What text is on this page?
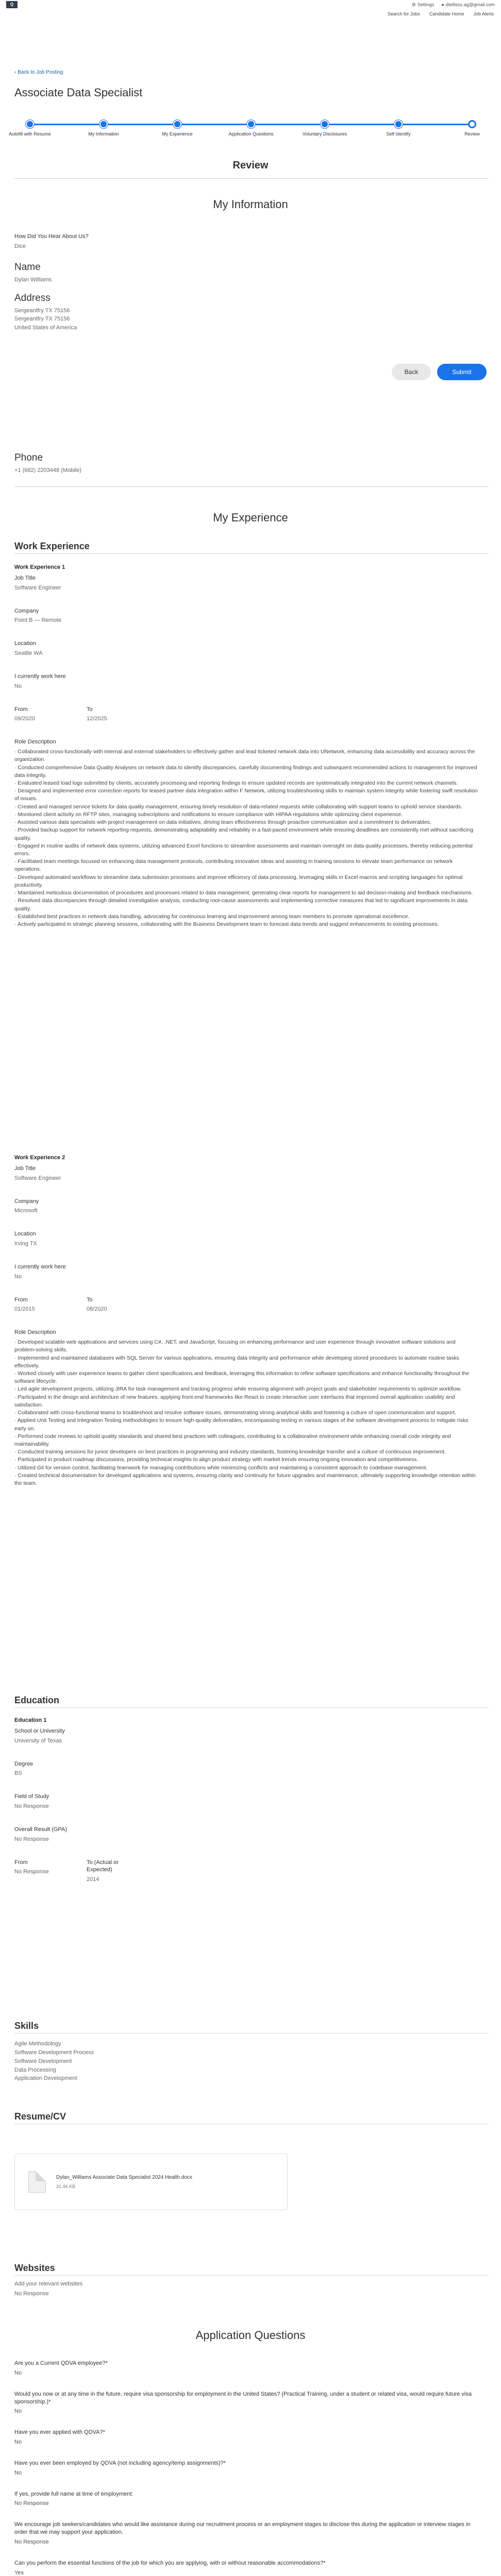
Q	⚙ Settings ● dtellisox.ag@gmail.com
Search for Jobs Candidate Home Job Alerts
‹ Back to Job Posting
Associate Data Specialist
Autofill with Resume	My Information	My Experience	Application Questions	Voluntary Disclosures	Self Identify	Review
Review
My Information
How Did You Hear About Us?
Dice
Name
Dylan Williams
Address
Sergeantfry TX 75156
Sergeantfry TX 75156
United States of America
Back	Submit
Phone
+1 (682) 2203448 (Mobile)
My Experience
Work Experience
Work Experience 1
Job Title
Software Engineer
Company
Point B — Remote
Location
Seattle WA
I currently work here
No
From
09/2020
To
12/2025
Role Description

· Collaborated cross-functionally with internal and external stakeholders to effectively gather and lead ticketed network data into UNetwork, enhancing data accessibility and accuracy across the organization.

· Conducted comprehensive Data Quality Analyses on network data to identify discrepancies, carefully documenting findings and subsequent recommended actions to management for improved data integrity.

· Evaluated leased load logs submitted by clients, accurately processing and reporting findings to ensure updated records are systematically integrated into the current network channels.

· Designed and implemented error correction reports for leased partner data integration within F Network, utilizing troubleshooting skills to maintain system integrity while fostering swift resolution of issues.

· Created and managed service tickets for data quality management, ensuring timely resolution of data-related requests while collaborating with support teams to uphold service standards.

· Monitored client activity on RFTP sites, managing subscriptions and notifications to ensure compliance with HIPAA regulations while optimizing client experience.

· Assisted various data specialists with project management on data initiatives, driving team effectiveness through proactive communication and a commitment to deliverables.

· Provided backup support for network reporting requests, demonstrating adaptability and reliability in a fast-paced environment while ensuring deadlines are consistently met without sacrificing quality.

· Engaged in routine audits of network data systems, utilizing advanced Excel functions to streamline assessments and maintain oversight on data quality processes, thereby reducing potential errors.

· Facilitated team meetings focused on enhancing data management protocols, contributing innovative ideas and assisting in training sessions to elevate team performance on network operations.

· Developed automated workflows to streamline data submission processes and improve efficiency of data processing, leveraging skills in Excel macros and scripting languages for optimal productivity.

· Maintained meticulous documentation of procedures and processes related to data management, generating clear reports for management to aid decision-making and feedback mechanisms.

· Resolved data discrepancies through detailed investigative analysis, conducting root-cause assessments and implementing corrective measures that led to significant improvements in data quality.

· Established best practices in network data handling, advocating for continuous learning and improvement among team members to promote operational excellence.

· Actively participated in strategic planning sessions, collaborating with the Business Development team to forecast data trends and suggest enhancements to existing processes.

Work Experience 2
Job Title
Software Engineer
Company
Microsoft
Location
Irving TX
I currently work here
No
From
01/2015
To
08/2020
Role Description

· Developed scalable web applications and services using C#, .NET, and JavaScript, focusing on enhancing performance and user experience through innovative software solutions and problem-solving skills.

· Implemented and maintained databases with SQL Server for various applications, ensuring data integrity and performance while developing stored procedures to automate routine tasks effectively.

· Worked closely with user experience teams to gather client specifications and feedback, leveraging this information to refine software specifications and enhance functionality throughout the software lifecycle.

· Led agile development projects, utilizing JIRA for task management and tracking progress while ensuring alignment with project goals and stakeholder requirements to optimize workflow.

· Participated in the design and architecture of new features, applying front-end frameworks like React to create interactive user interfaces that improved overall application usability and satisfaction.

· Collaborated with cross-functional teams to troubleshoot and resolve software issues, demonstrating strong analytical skills and fostering a culture of open communication and support.

· Applied Unit Testing and Integration Testing methodologies to ensure high-quality deliverables, encompassing testing in various stages of the software development process to mitigate risks early on.

· Performed code reviews to uphold quality standards and shared best practices with colleagues, contributing to a collaborative environment while enhancing overall code integrity and maintainability.

· Conducted training sessions for junior developers on best practices in programming and industry standards, fostering knowledge transfer and a culture of continuous improvement.

· Participated in product roadmap discussions, providing technical insights to align product strategy with market trends ensuring ongoing innovation and competitiveness.

· Utilized Git for version control, facilitating teamwork for managing contributions while minimizing conflicts and maintaining a consistent approach to codebase management.

· Created technical documentation for developed applications and systems, ensuring clarity and continuity for future upgrades and maintenance, ultimately supporting knowledge retention within the team.

Education
Education 1
School or University
University of Texas
Degree
BS
Field of Study
No Response
Overall Result (GPA)
No Response
From
No Response
To (Actual or Expected)
2014
Skills
Agile Methodology
Software Development Process
Software Development
Data Processing
Application Development
Resume/CV
Dylan_Williams Associate Data Specialist 2024 Health.docx
31.46 KB
Websites
Add your relevant websites
No Response
Application Questions
Are you a Current QDVA employee?*
No
Would you now or at any time in the future, require visa sponsorship for employment in the United States? (Practical Training, under a student or related visa, would require future visa sponsorship.)*
No
Have you ever applied with QDVA?*
No
Have you ever been employed by QDVA (not including agency/temp assignments)?*
No
If yes, provide full name at time of employment:
No Response
We encourage job seekers/candidates who would like assistance during our recruitment process or an employment stages to disclose this during the application or interview stages in order that we may support your application.
No Response
Can you perform the essential functions of the job for which you are applying, with or without reasonable accommodations?*
Yes
